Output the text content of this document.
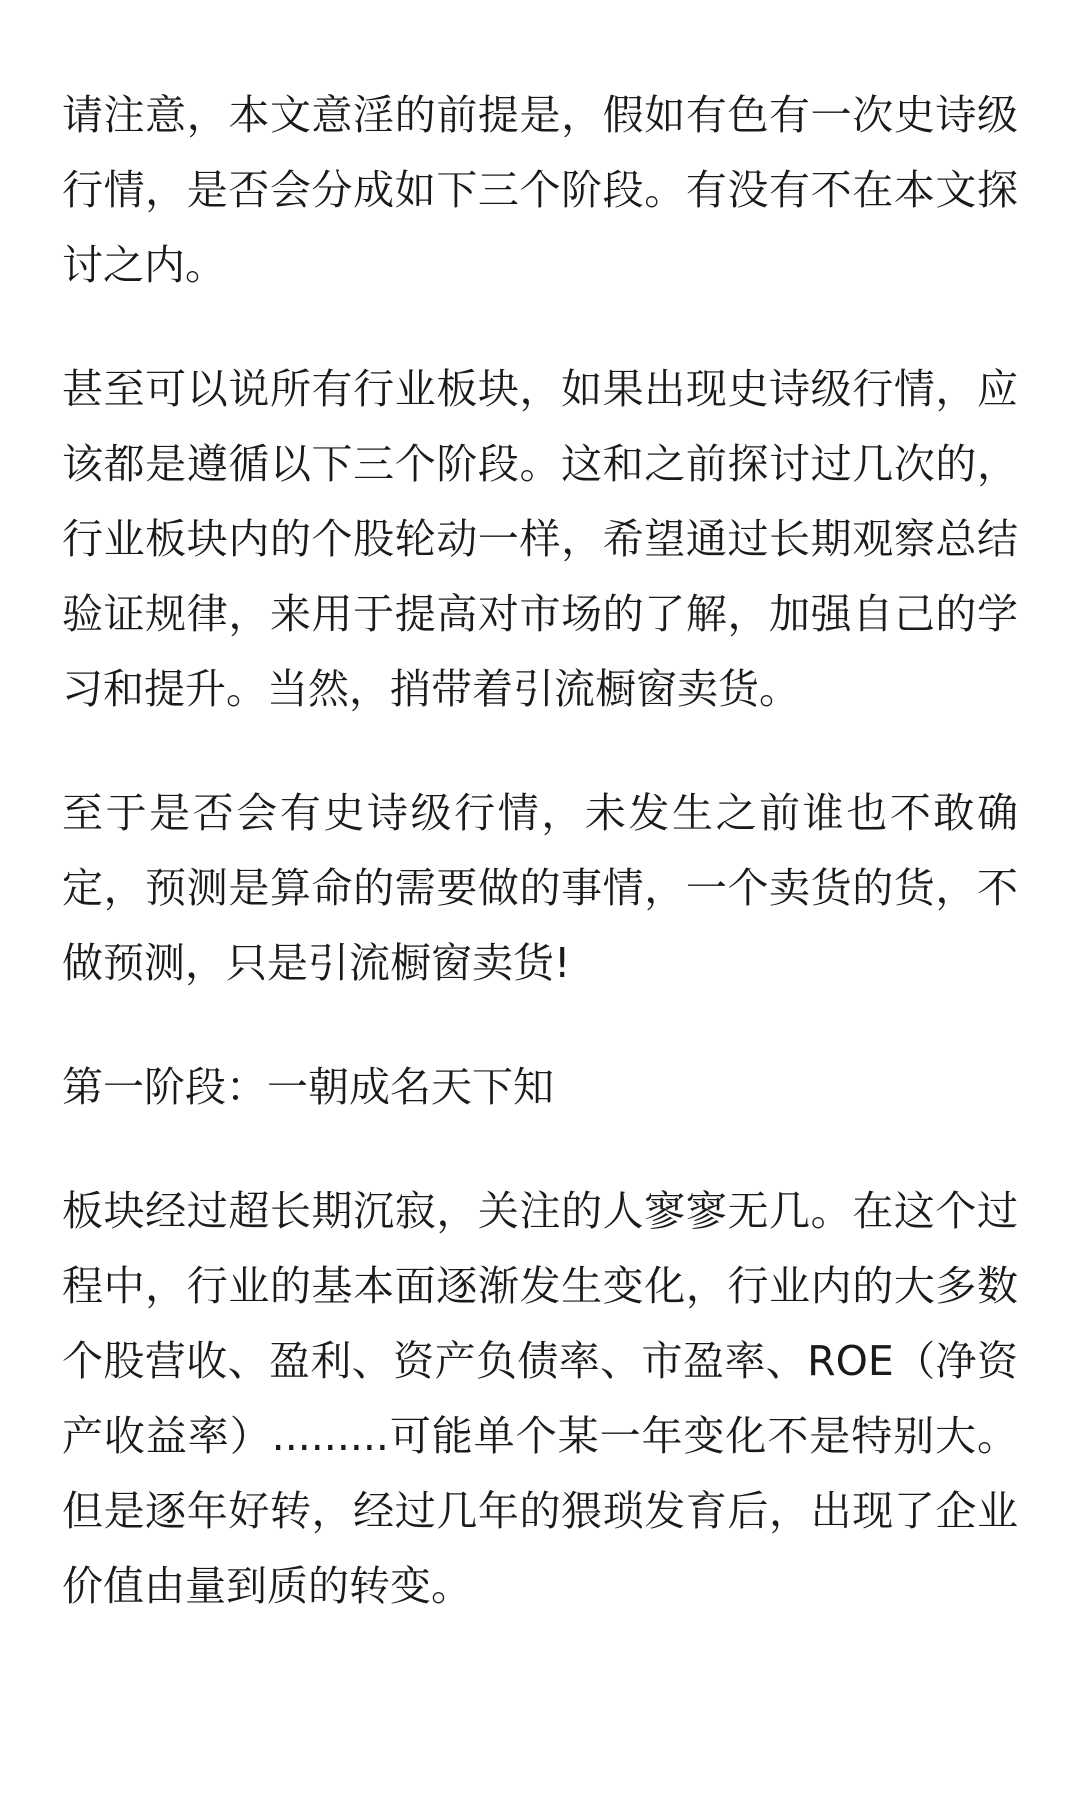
请注意，本文意淫的前提是，假如有色有一次史诗级行情，是否会分成如下三个阶段。有没有不在本文探讨之内。

甚至可以说所有行业板块，如果出现史诗级行情，应该都是遵循以下三个阶段。这和之前探讨过几次的，行业板块内的个股轮动一样，希望通过长期观察总结验证规律，来用于提高对市场的了解，加强自己的学习和提升。当然，捎带着引流橱窗卖货。

至于是否会有史诗级行情，未发生之前谁也不敢确定，预测是算命的需要做的事情，一个卖货的货，不做预测，只是引流橱窗卖货!

第一阶段：一朝成名天下知

板块经过超长期沉寂，关注的人寥寥无几。在这个过程中，行业的基本面逐渐发生变化，行业内的大多数个股营收、盈利、资产负债率、市盈率、ROE（净资产收益率）.........可能单个某一年变化不是特别大。但是逐年好转，经过几年的猥琐发育后，出现了企业价值由量到质的转变。
